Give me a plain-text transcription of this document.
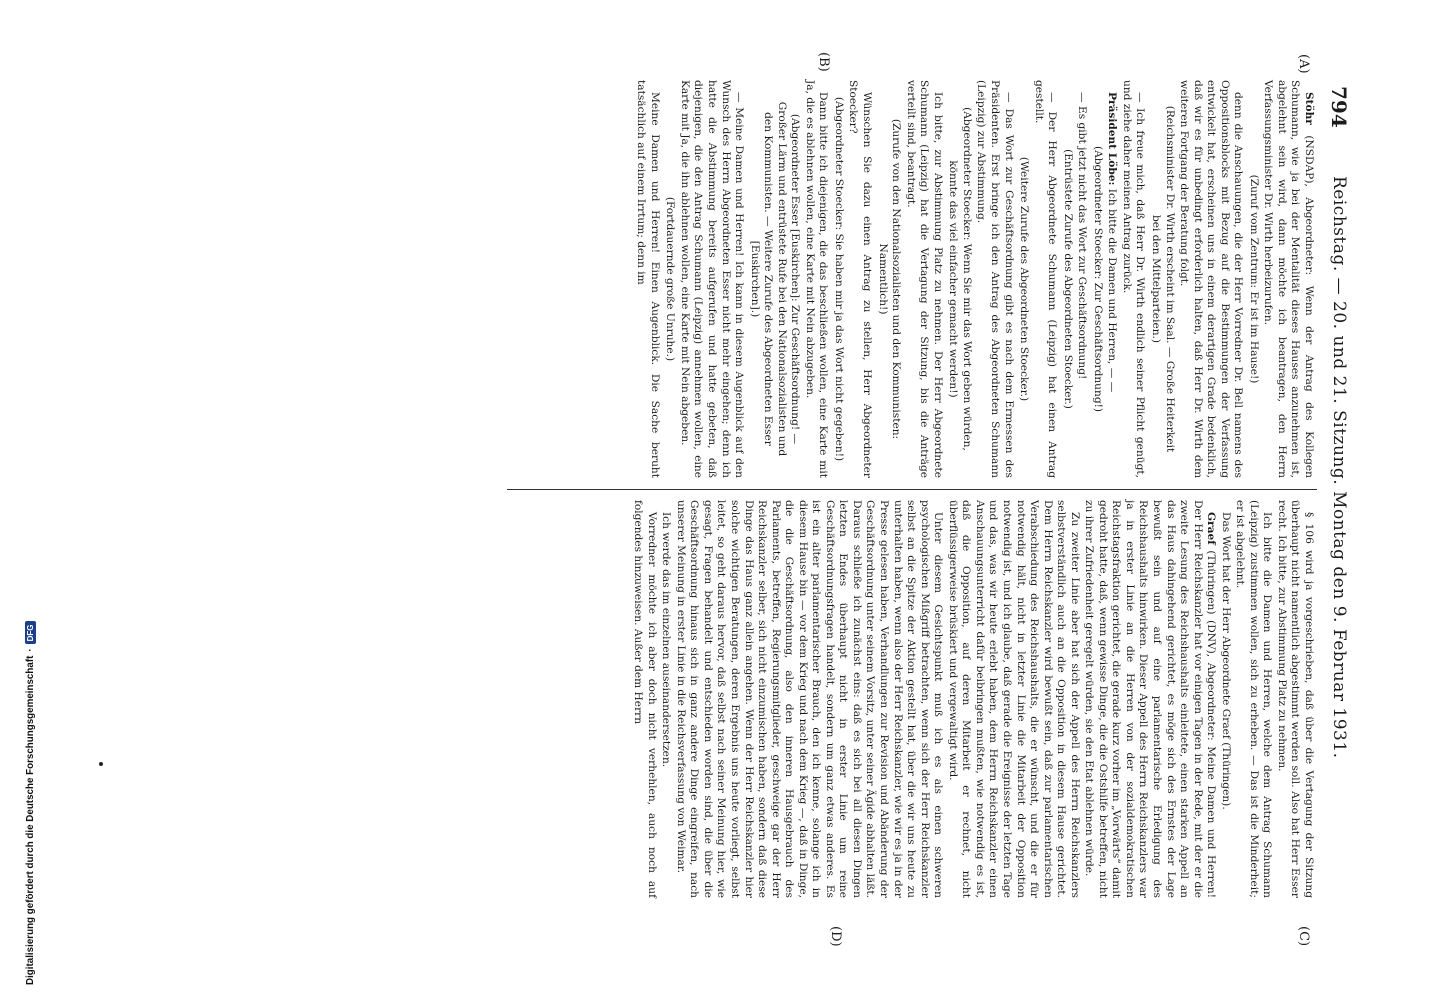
794
Reichstag. — 20. und 21. Sitzung. Montag den 9. Februar 1931.
(A)
(B)
(C)
(D)

Stöhr (NSDAP), Abgeordneter: Wenn der Antrag des Kollegen Schumann, wie ja bei der Mentalität dieses Hauses anzunehmen ist, abgelehnt sein wird, dann möchte ich beantragen, den Herrn Verfassungsminister Dr. Wirth herbeizurufen.

(Zuruf vom Zentrum: Er ist im Hause!)

denn die Anschauungen, die der Herr Vorredner Dr. Bell namens des Oppositionsblocks mit Bezug auf die Bestimmungen der Verfassung entwickelt hat, erscheinen uns in einem derartigen Grade bedenklich, daß wir es für unbedingt erforderlich halten, daß Herr Dr. Wirth dem weiteren Fortgang der Beratung folgt.

(Reichsminister Dr. Wirth erscheint im Saal. — Große Heiterkeit bei den Mittelparteien.)

— Ich freue mich, daß Herr Dr. Wirth endlich seiner Pflicht genügt, und ziehe daher meinen Antrag zurück.

Präsident Löbe: Ich bitte die Damen und Herren, — —

(Abgeordneter Stoecker: Zur Geschäftsordnung!)

— Es gibt jetzt nicht das Wort zur Geschäftsordnung!

(Entrüstete Zurufe des Abgeordneten Stoecker.)

— Der Herr Abgeordnete Schumann (Leipzig) hat einen Antrag gestellt.

(Weitere Zurufe des Abgeordneten Stoecker.)

— Das Wort zur Geschäftsordnung gibt es nach dem Ermessen des Präsidenten. Erst bringe ich den Antrag des Abgeordneten Schumann (Leipzig) zur Abstimmung.

(Abgeordneter Stoecker: Wenn Sie mir das Wort geben würden, könnte das viel einfacher gemacht werden!)

Ich bitte, zur Abstimmung Platz zu nehmen. Der Herr Abgeordnete Schumann (Leipzig) hat die Vertagung der Sitzung, bis die Anträge verteilt sind, beantragt.

(Zurufe von den Nationalsozialisten und den Kommunisten: Namentlich!)

Wünschen Sie dazu einen Antrag zu stellen, Herr Abgeordneter Stoecker?

(Abgeordneter Stoecker: Sie haben mir ja das Wort nicht gegeben!)

Dann bitte ich diejenigen, die das beschließen wollen, eine Karte mit Ja, die es ablehnen wollen, eine Karte mit Nein abzugeben.

(Abgeordneter Esser [Euskirchen]: Zur Geschäftsordnung! — Großer Lärm und entrüstete Rufe bei den Nationalsozialisten und den Kommunisten. — Weitere Zurufe des Abgeordneten Esser [Euskirchen].)

— Meine Damen und Herren! Ich kann in diesem Augenblick auf den Wunsch des Herrn Abgeordneten Esser nicht mehr eingehen; denn ich hatte die Abstimmung bereits aufgerufen und hatte gebeten, daß diejenigen, die den Antrag Schumann (Leipzig) annehmen wollen, eine Karte mit Ja, die ihn ablehnen wollen, eine Karte mit Nein abgeben.

(Fortdauernde große Unruhe.)

Meine Damen und Herren! Einen Augenblick. Die Sache beruht tatsächlich auf einem Irrtum; denn im

§ 106 wird ja vorgeschrieben, daß über die Vertagung der Sitzung überhaupt nicht namentlich abgestimmt werden soll. Also hat Herr Esser recht. Ich bitte, zur Abstimmung Platz zu nehmen.

Ich bitte die Damen und Herren, welche dem Antrag Schumann (Leipzig) zustimmen wollen, sich zu erheben. — Das ist die Minderheit; er ist abgelehnt.

Das Wort hat der Herr Abgeordnete Graef (Thüringen).

Graef (Thüringen) (DNV), Abgeordneter: Meine Damen und Herren! Der Herr Reichskanzler hat vor einigen Tagen in der Rede, mit der er die zweite Lesung des Reichshaushalts einleitete, einen starken Appell an das Haus dahingehend gerichtet, es möge sich des Ernstes der Lage bewußt sein und auf eine parlamentarische Erledigung des Reichshaushalts hinwirken. Dieser Appell des Herrn Reichskanzlers war ja in erster Linie an die Herren von der sozialdemokratischen Reichstagsfraktion gerichtet, die gerade kurz vorher im „Vorwärts“ damit gedroht hatte, daß, wenn gewisse Dinge, die die Ostshilfe betreffen, nicht zu ihrer Zufriedenheit geregelt würden, sie den Etat ablehnen würde.

Zu zweiter Linie aber hat sich der Appell des Herrn Reichskanzlers selbstverständlich auch an die Opposition in diesem Hause gerichtet. Dem Herrn Reichskanzler wird bewußt sein, daß zur parlamentarischen Verabschiedung des Reichshaushalts, die er wünscht, und die er für notwendig hält, nicht in letzter Linie die Mitarbeit der Opposition notwendig ist, und ich glaube, daß gerade die Ereignisse der letzten Tage und das, was wir heute erlebt haben, dem Herrn Reichskanzler einen Anschauungsunterricht dafür beibringen mußten, wie notwendig es ist, daß die Opposition, auf deren Mitarbeit er rechnet, nicht überflüssigerweise brüskiert und vergewaltigt wird.

Unter diesem Gesichtspunkt muß ich es als einen schweren psychologischen Mißgriff betrachten, wenn sich der Herr Reichskanzler selbst an die Spitze der Aktion gestellt hat, über die wir uns heute zu unterhalten haben, wenn also der Herr Reichskanzler, wie wir es ja in der Presse gelesen haben, Verhandlungen zur Revision und Abänderung der Geschäftsordnung unter seinem Vorsitz, unter seiner Ägide abhalten läßt. Daraus schließe ich zunächst eins: daß es sich bei all diesen Dingen letzten Endes überhaupt nicht in erster Linie um reine Geschäftsordnungsfragen handelt, sondern um ganz etwas anderes. Es ist ein alter parlamentarischer Brauch, den ich kenne, solange ich in diesem Hause bin — vor dem Krieg und nach dem Krieg —, daß in Dinge, die die Geschäftsordnung, also den inneren Hausgebrauch des Parlaments, betreffen, Regierungsmitglieder, geschweige gar der Herr Reichskanzler selber, sich nicht einzumischen haben, sondern daß diese Dinge das Haus ganz allein angehen. Wenn der Herr Reichskanzler hier solche wichtigen Beratungen, deren Ergebnis uns heute vorliegt, selbst leitet, so geht daraus hervor, daß selbst nach seiner Meinung hier, wie gesagt, Fragen behandelt und entschieden worden sind, die über die Geschäftsordnung hinaus sich in ganz andere Dinge eingreifen, nach unserer Meinung in erster Linie in die Reichsverfassung von Weimar.

Ich werde das im einzelnen auseinandersetzen.

Vorredner möchte ich aber doch nicht verhehlen, auch noch auf folgendes hinzuweisen. Außer dem Herrn

Digitalisierung gefördert durch die Deutsche Forschungsgemeinschaft
·
DFG
